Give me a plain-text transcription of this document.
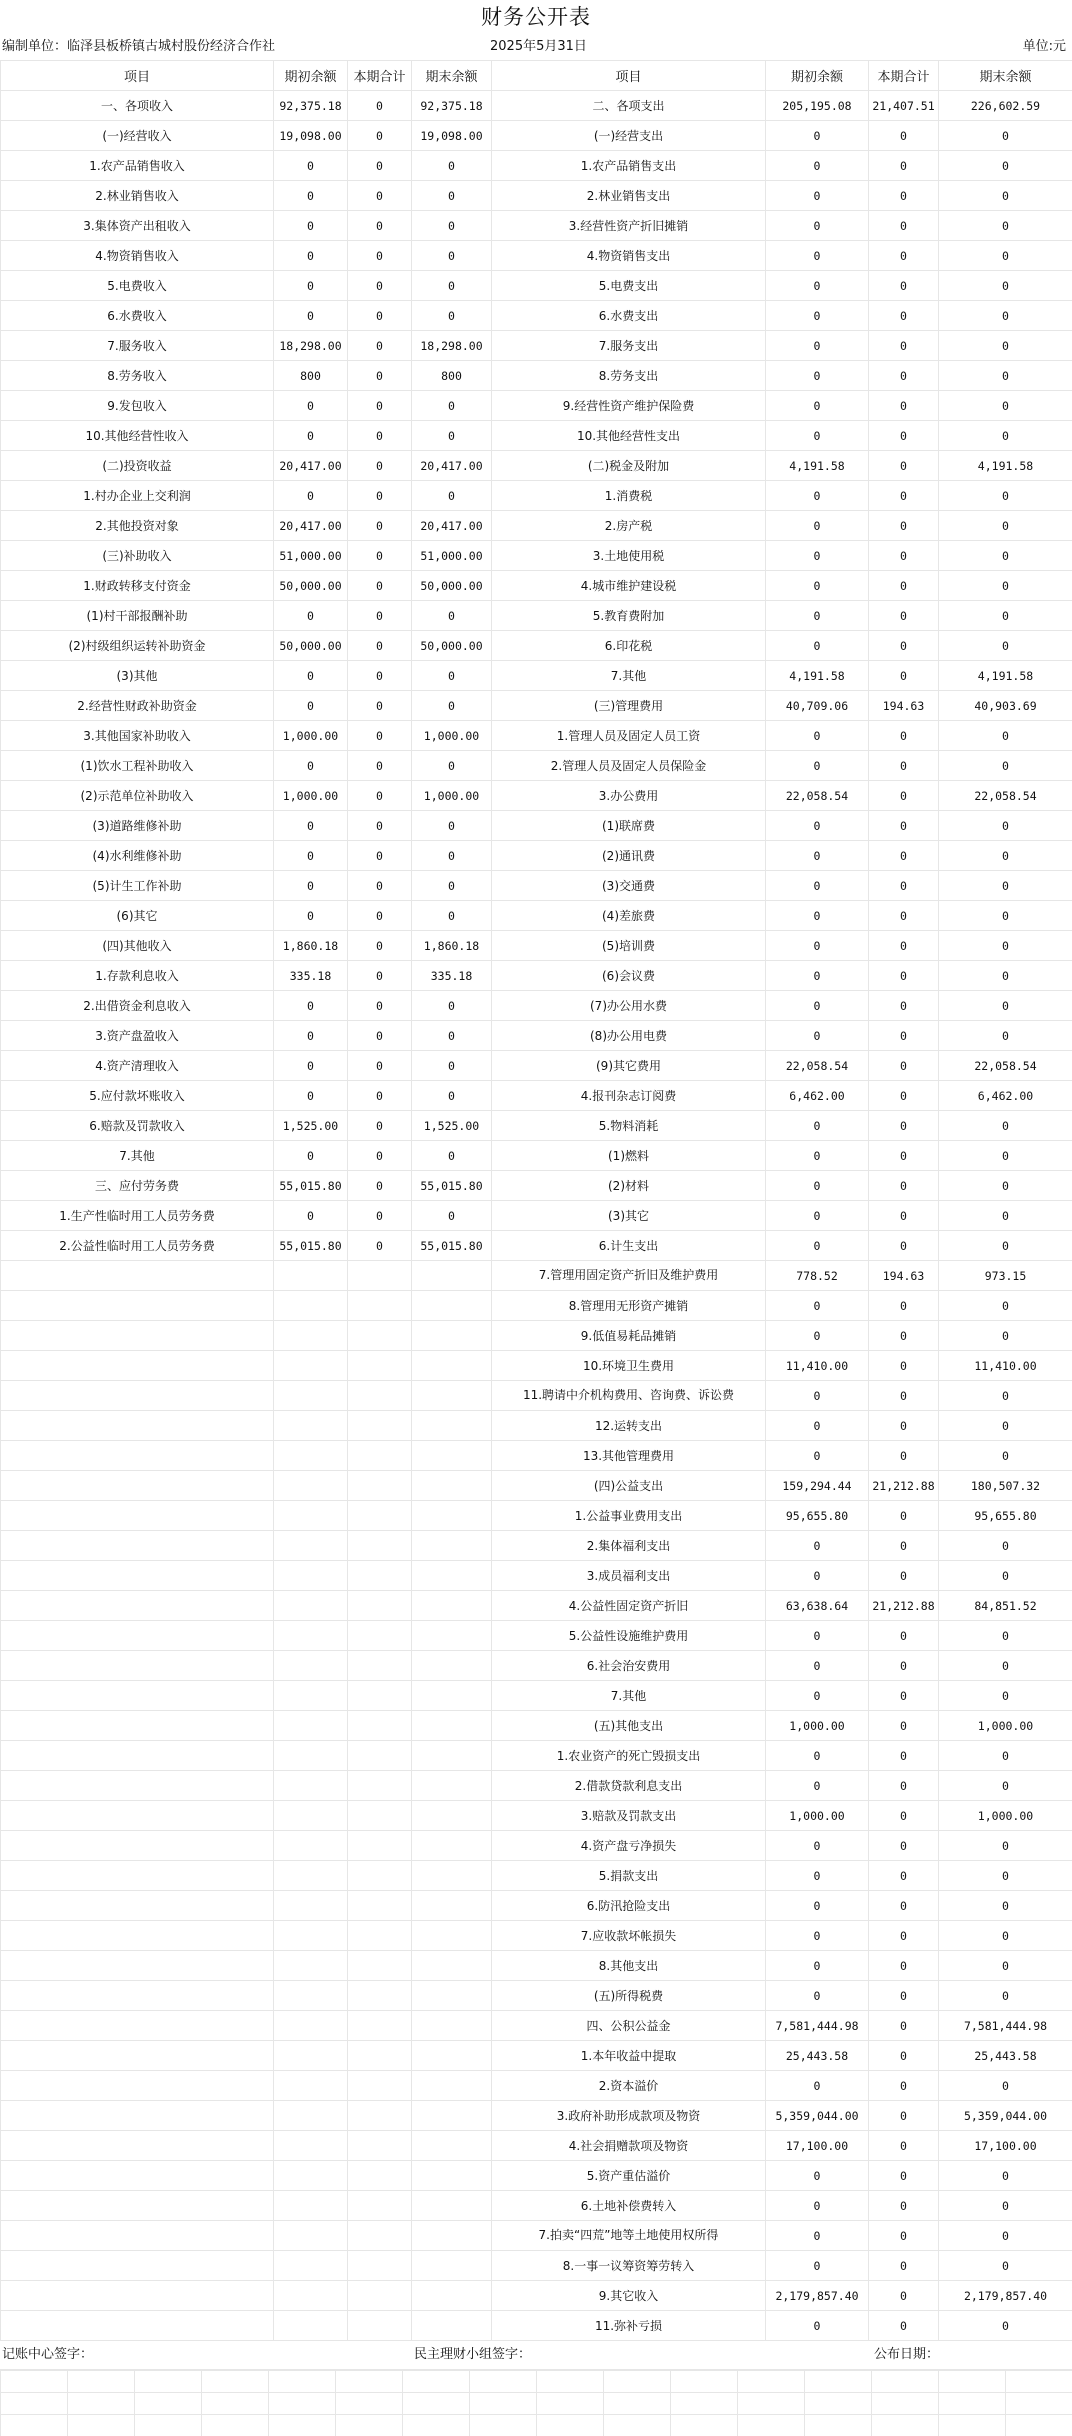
财务公开表
编制单位：临泽县板桥镇古城村股份经济合作社	2025年5月31日	单位:元
项目	期初余额	本期合计	期末余额	项目	期初余额	本期合计	期末余额
一、各项收入	92,375.18	0	92,375.18	二、各项支出	205,195.08	21,407.51	226,602.59
(一)经营收入	19,098.00	0	19,098.00	(一)经营支出	0	0	0
1.农产品销售收入	0	0	0	1.农产品销售支出	0	0	0
2.林业销售收入	0	0	0	2.林业销售支出	0	0	0
3.集体资产出租收入	0	0	0	3.经营性资产折旧摊销	0	0	0
4.物资销售收入	0	0	0	4.物资销售支出	0	0	0
5.电费收入	0	0	0	5.电费支出	0	0	0
6.水费收入	0	0	0	6.水费支出	0	0	0
7.服务收入	18,298.00	0	18,298.00	7.服务支出	0	0	0
8.劳务收入	800	0	800	8.劳务支出	0	0	0
9.发包收入	0	0	0	9.经营性资产维护保险费	0	0	0
10.其他经营性收入	0	0	0	10.其他经营性支出	0	0	0
(二)投资收益	20,417.00	0	20,417.00	(二)税金及附加	4,191.58	0	4,191.58
1.村办企业上交利润	0	0	0	1.消费税	0	0	0
2.其他投资对象	20,417.00	0	20,417.00	2.房产税	0	0	0
(三)补助收入	51,000.00	0	51,000.00	3.土地使用税	0	0	0
1.财政转移支付资金	50,000.00	0	50,000.00	4.城市维护建设税	0	0	0
(1)村干部报酬补助	0	0	0	5.教育费附加	0	0	0
(2)村级组织运转补助资金	50,000.00	0	50,000.00	6.印花税	0	0	0
(3)其他	0	0	0	7.其他	4,191.58	0	4,191.58
2.经营性财政补助资金	0	0	0	(三)管理费用	40,709.06	194.63	40,903.69
3.其他国家补助收入	1,000.00	0	1,000.00	1.管理人员及固定人员工资	0	0	0
(1)饮水工程补助收入	0	0	0	2.管理人员及固定人员保险金	0	0	0
(2)示范单位补助收入	1,000.00	0	1,000.00	3.办公费用	22,058.54	0	22,058.54
(3)道路维修补助	0	0	0	(1)联席费	0	0	0
(4)水利维修补助	0	0	0	(2)通讯费	0	0	0
(5)计生工作补助	0	0	0	(3)交通费	0	0	0
(6)其它	0	0	0	(4)差旅费	0	0	0
(四)其他收入	1,860.18	0	1,860.18	(5)培训费	0	0	0
1.存款利息收入	335.18	0	335.18	(6)会议费	0	0	0
2.出借资金利息收入	0	0	0	(7)办公用水费	0	0	0
3.资产盘盈收入	0	0	0	(8)办公用电费	0	0	0
4.资产清理收入	0	0	0	(9)其它费用	22,058.54	0	22,058.54
5.应付款坏账收入	0	0	0	4.报刊杂志订阅费	6,462.00	0	6,462.00
6.赔款及罚款收入	1,525.00	0	1,525.00	5.物料消耗	0	0	0
7.其他	0	0	0	(1)燃料	0	0	0
三、应付劳务费	55,015.80	0	55,015.80	(2)材料	0	0	0
1.生产性临时用工人员劳务费	0	0	0	(3)其它	0	0	0
2.公益性临时用工人员劳务费	55,015.80	0	55,015.80	6.计生支出	0	0	0
				7.管理用固定资产折旧及维护费用	778.52	194.63	973.15
				8.管理用无形资产摊销	0	0	0
				9.低值易耗品摊销	0	0	0
				10.环境卫生费用	11,410.00	0	11,410.00
				11.聘请中介机构费用、咨询费、诉讼费	0	0	0
				12.运转支出	0	0	0
				13.其他管理费用	0	0	0
				(四)公益支出	159,294.44	21,212.88	180,507.32
				1.公益事业费用支出	95,655.80	0	95,655.80
				2.集体福利支出	0	0	0
				3.成员福利支出	0	0	0
				4.公益性固定资产折旧	63,638.64	21,212.88	84,851.52
				5.公益性设施维护费用	0	0	0
				6.社会治安费用	0	0	0
				7.其他	0	0	0
				(五)其他支出	1,000.00	0	1,000.00
				1.农业资产的死亡毁损支出	0	0	0
				2.借款贷款利息支出	0	0	0
				3.赔款及罚款支出	1,000.00	0	1,000.00
				4.资产盘亏净损失	0	0	0
				5.捐款支出	0	0	0
				6.防汛抢险支出	0	0	0
				7.应收款坏帐损失	0	0	0
				8.其他支出	0	0	0
				(五)所得税费	0	0	0
				四、公积公益金	7,581,444.98	0	7,581,444.98
				1.本年收益中提取	25,443.58	0	25,443.58
				2.资本溢价	0	0	0
				3.政府补助形成款项及物资	5,359,044.00	0	5,359,044.00
				4.社会捐赠款项及物资	17,100.00	0	17,100.00
				5.资产重估溢价	0	0	0
				6.土地补偿费转入	0	0	0
				7.拍卖“四荒”地等土地使用权所得	0	0	0
				8.一事一议筹资筹劳转入	0	0	0
				9.其它收入	2,179,857.40	0	2,179,857.40
				11.弥补亏损	0	0	0
记账中心签字：	民主理财小组签字：	公布日期：
